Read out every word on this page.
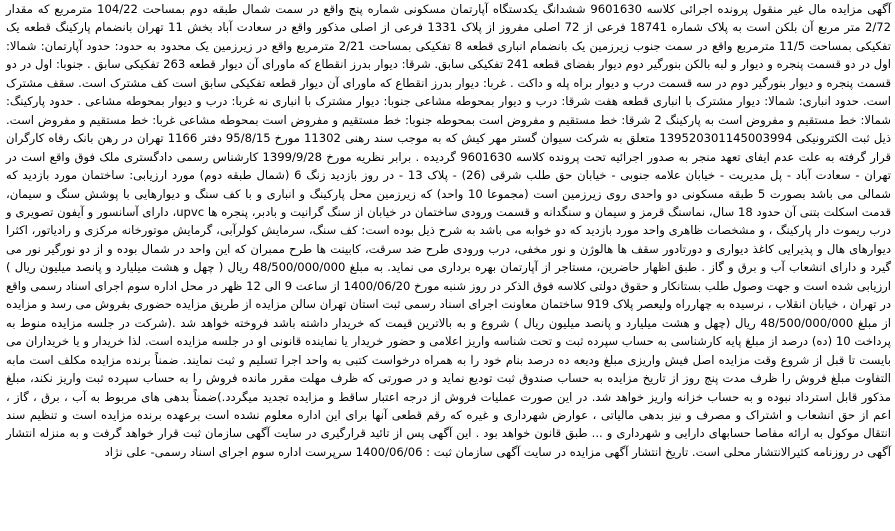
آگهی مزایده مال غیر منقول پرونده اجرائی کلاسه 9601630 ششدانگ یکدستگاه آپارتمان مسکونی شماره پنج واقع در سمت شمال طبقه دوم بمساحت 104/22 مترمربع که مقدار 2/72 متر مربع آن بلکن است به پلاک شماره 18741 فرعی از 72 اصلی مفروز از پلاک 1331 فرعی از اصلی مذکور واقع در سعادت آباد بخش 11 تهران بانضمام پارکینگ قطعه یک تفکیکی بمساحت 11/5 مترمربع واقع در سمت جنوب زیرزمین یک بانضمام انباری قطعه 8 تفکیکی بمساحت 2/21 مترمربع واقع در زیرزمین یک محدود به حدود: حدود آپارتمان: شمالا: اول در دو قسمت پنجره و دیوار و لبه بالکن بنورگیر دوم دیوار بفضای قطعه 241 تفکیکی سابق. شرقا: دیوار بدرز انقطاع که ماورای آن دیوار قطعه 263 تفکیکی سابق . جنوبا: اول در دو قسمت پنجره و دیوار بنورگیر دوم در سه قسمت درب و دیوار براه پله و داکت . غربا: دیوار بدرز انقطاع که ماورای آن دیوار قطعه تفکیکی سابق است کف مشترک است. سقف مشترک است. حدود انباری: شمالا: دیوار مشترک با انباری قطعه هفت شرقا: درب و دیوار بمحوطه مشاعی جنوبا: دیوار مشترک با انباری نه غربا: درب و دیوار بمحوطه مشاعی . حدود پارکینگ: شمالا: خط مستقیم و مفروض است به پارکینگ 2 شرقا: خط مستقیم و مفروض است بمحوطه جنوبا: خط مستقیم و مفروض است بمحوطه مشاعی غربا: خط مستقیم و مفروض است. ذیل ثبت الکترونیکی 139520301145003994 متعلق به شرکت سیوان گستر مهر کیش که به موجب سند رهنی 11302 مورخ 95/8/15 دفتر 1166 تهران در رهن بانک رفاه کارگران قرار گرفته به علت عدم ایفای تعهد منجر به صدور اجرائیه تحت پرونده کلاسه 9601630 گردیده . برابر نظریه مورخ 1399/9/28 کارشناس رسمی دادگستری ملک فوق واقع است در تهران - سعادت آباد - پل مدیریت - خیابان علامه جنوبی - خیابان حق طلب شرقی (26) - پلاک 13 - در روز بازدید زنگ 6 (شمال طبقه دوم) مورد ارزیابی: ساختمان مورد بازدید که شمالی می باشد بصورت 5 طبقه مسکونی دو واحدی روی زیرزمین است (مجموعا 10 واحد) که زیرزمین محل پارکینگ و انباری و با کف سنگ و دیوارهایی با پوشش سنگ و سیمان، قدمت اسکلت بتنی آن حدود 18 سال، نماسنگ قرمز و سیمان و سنگدانه و قسمت ورودی ساختمان در خیابان از سنگ گرانیت و بادبر، پنجره ها upvc، دارای آسانسور و آیفون تصویری و درب ریموت دار پارکینگ ، و مشخصات ظاهری واحد مورد بازدید که دو خوابه می باشد به شرح ذیل بوده است: کف سنگ، سرمایش کولرآبی، گرمایش موتورخانه مرکزی و رادیاتور، اکثرا دیوارهای هال و پذیرایی کاغذ دیواری و دورتادور سقف ها هالوژن و نور مخفی، درب ورودی طرح ضد سرقت، کابینت ها طرح ممبران که این واحد در شمال بوده و از دو نورگیر نور می گیرد و دارای انشعاب آب و برق و گاز . طبق اظهار حاضرین، مستاجر از آپارتمان بهره برداری می نماید. به مبلغ 48/500/000/000 ریال ( چهل و هشت میلیارد و پانصد میلیون ریال ) ارزیابی شده است و جهت وصول طلب بستانکار و حقوق دولتی کلاسه فوق الذکر در روز شنبه مورخ 1400/06/20 از ساعت 9 الی 12 ظهر در محل اداره سوم اجرای اسناد رسمی واقع در تهران ، خیابان انقلاب ، نرسیده به چهارراه ولیعصر پلاک 919 ساختمان معاونت اجرای اسناد رسمی ثبت استان تهران سالن مزایده از طریق مزایده حضوری بفروش می رسد و مزایده از مبلغ 48/500/000/000 ریال (چهل و هشت میلیارد و پانصد میلیون ریال ) شروع و به بالاترین قیمت که خریدار داشته باشد فروخته خواهد شد .(شرکت در جلسه مزایده منوط به پرداخت 10 (ده) درصد از مبلغ پایه کارشناسی به حساب سپرده ثبت و تحت شناسه واریز اعلامی و حضور خریدار یا نماینده قانونی او در جلسه مزایده است. لذا خریدار و یا خریداران می بایست تا قبل از شروع وقت مزایده اصل فیش واریزی مبلغ ودیعه ده درصد بنام خود را به همراه درخواست کتبی به واحد اجرا تسلیم و ثبت نمایند. ضمناً برنده مزایده مکلف است مابه التفاوت مبلغ فروش را ظرف مدت پنج روز از تاریخ مزایده به حساب صندوق ثبت تودیع نماید و در صورتی که ظرف مهلت مقرر مانده فروش را به حساب سپرده ثبت واریز نکند، مبلغ مذکور قابل استرداد نبوده و به حساب خزانه واریز خواهد شد. در این صورت عملیات فروش از درجه اعتبار ساقط و مزایده تجدید میگردد.)ضمناً بدهی های مربوط به آب ، برق ، گاز ، اعم از حق انشعاب و اشتراک و مصرف و نیز بدهی مالیاتی ، عوارض شهرداری و غیره که رقم قطعی آنها برای این اداره معلوم نشده است برعهده برنده مزایده است و تنظیم سند انتقال موکول به ارائه مفاصا حسابهای دارایی و شهرداری و ... طبق قانون خواهد بود . این آگهی پس از تائید قرارگیری در سایت آگهی سازمان ثبت قرار خواهد گرفت و به منزله انتشار آگهی در روزنامه کثیرالانتشار محلی است. تاریخ انتشار آگهی مزایده در سایت آگهی سازمان ثبت : 1400/06/06 سرپرست اداره سوم اجرای اسناد رسمی- علی نژاد
